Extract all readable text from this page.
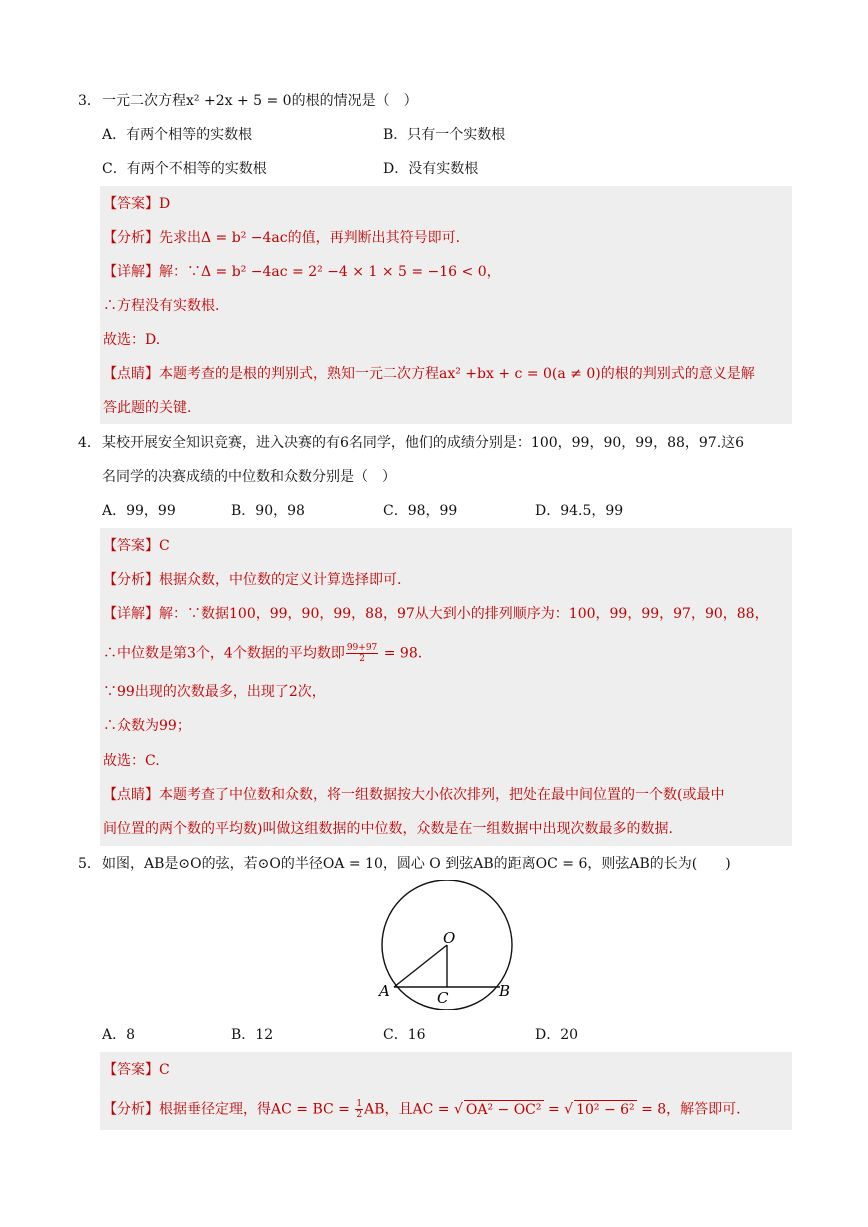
3． 一元二次方程x² +2x + 5 = 0的根的情况是（　）
A．有两个相等的实数根	B．只有一个实数根
C．有两个不相等的实数根	D．没有实数根
【答案】D
【分析】先求出Δ = b² −4ac的值，再判断出其符号即可.
【详解】解：∵Δ = b² −4ac = 2² −4 × 1 × 5 = −16 < 0，
∴方程没有实数根.
故选：D.
【点睛】本题考查的是根的判别式，熟知一元二次方程ax² +bx + c = 0(a ≠ 0)的根的判别式的意义是解
答此题的关键.
4． 某校开展安全知识竞赛，进入决赛的有6名同学，他们的成绩分别是：100，99，90，99，88，97.这6
名同学的决赛成绩的中位数和众数分别是（　）
A．99，99	B．90，98	C．98，99	D．94.5，99
【答案】C
【分析】根据众数，中位数的定义计算选择即可.
【详解】解：∵数据100，99，90，99，88，97从大到小的排列顺序为：100，99，99，97，90，88，
∴中位数是第3个，4个数据的平均数即 $\frac{99+97}{2} = 98$.
∵99出现的次数最多，出现了2次，
∴众数为99；
故选：C.
【点睛】本题考查了中位数和众数，将一组数据按大小依次排列，把处在最中间位置的一个数(或最中
间位置的两个数的平均数)叫做这组数据的中位数，众数是在一组数据中出现次数最多的数据.
5． 如图，AB是⊙O的弦，若⊙O的半径OA = 10，圆心 O 到弦AB的距离OC = 6，则弦AB的长为(　　)
O
A	B
C
A．8	B．12	C．16	D．20
【答案】C
【分析】根据垂径定理，得AC = BC = $\frac{1}{2}$ AB，且AC = √ OA² − OC² = √ 10² − 6² = 8，解答即可.
